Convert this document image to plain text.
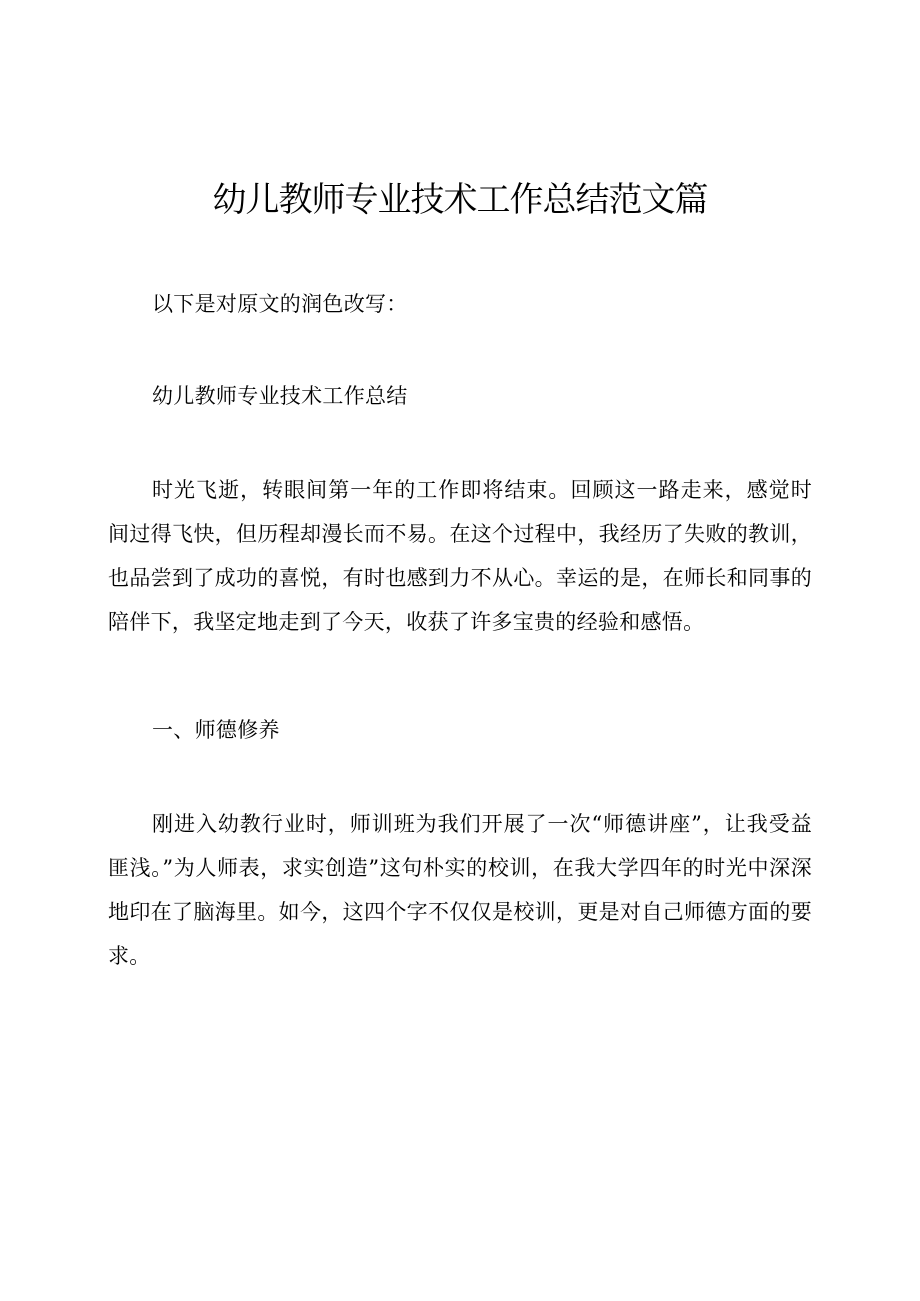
幼儿教师专业技术工作总结范文篇

以下是对原文的润色改写：

幼儿教师专业技术工作总结

时光飞逝，转眼间第一年的工作即将结束。回顾这一路走来，感觉时间过得飞快，但历程却漫长而不易。在这个过程中，我经历了失败的教训，也品尝到了成功的喜悦，有时也感到力不从心。幸运的是，在师长和同事的陪伴下，我坚定地走到了今天，收获了许多宝贵的经验和感悟。

一、师德修养

刚进入幼教行业时，师训班为我们开展了一次“师德讲座”，让我受益匪浅。”为人师表，求实创造”这句朴实的校训，在我大学四年的时光中深深地印在了脑海里。如今，这四个字不仅仅是校训，更是对自己师德方面的要求。
